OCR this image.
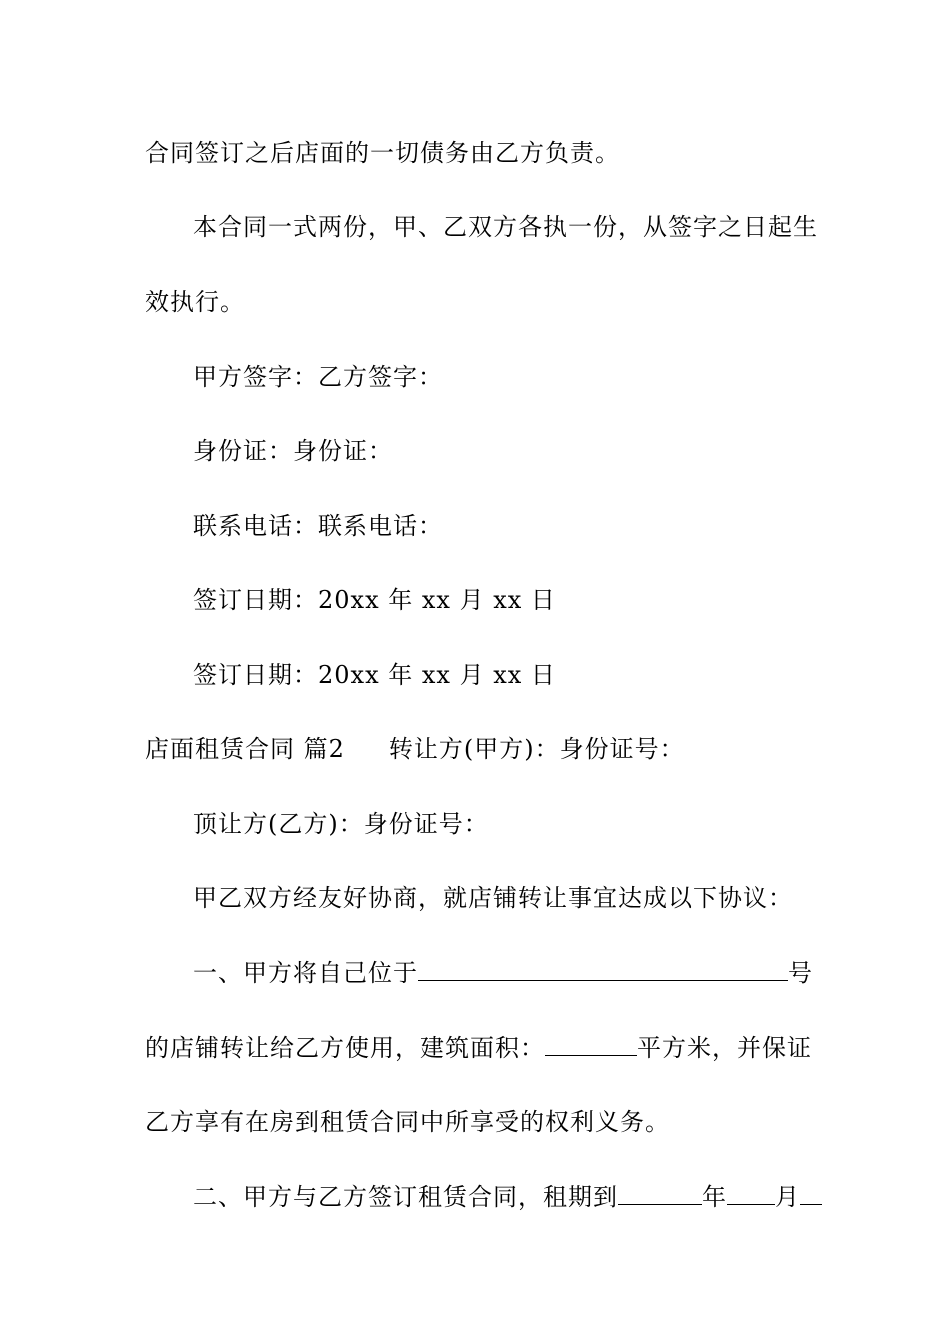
合同签订之后店面的一切债务由乙方负责。
本合同一式两份，甲、乙双方各执一份，从签字之日起生
效执行。
甲方签字：乙方签字：
身份证：身份证：
联系电话：联系电话：
签订日期：20xx 年 xx 月 xx 日
签订日期：20xx 年 xx 月 xx 日
店面租赁合同 篇2 转让方(甲方)：身份证号：
顶让方(乙方)：身份证号：
甲乙双方经友好协商，就店铺转让事宜达成以下协议：
一、甲方将自己位于	号
的店铺转让给乙方使用，建筑面积：	平方米，并保证
乙方享有在房到租赁合同中所享受的权利义务。
二、甲方与乙方签订租赁合同，租期到	年 月
